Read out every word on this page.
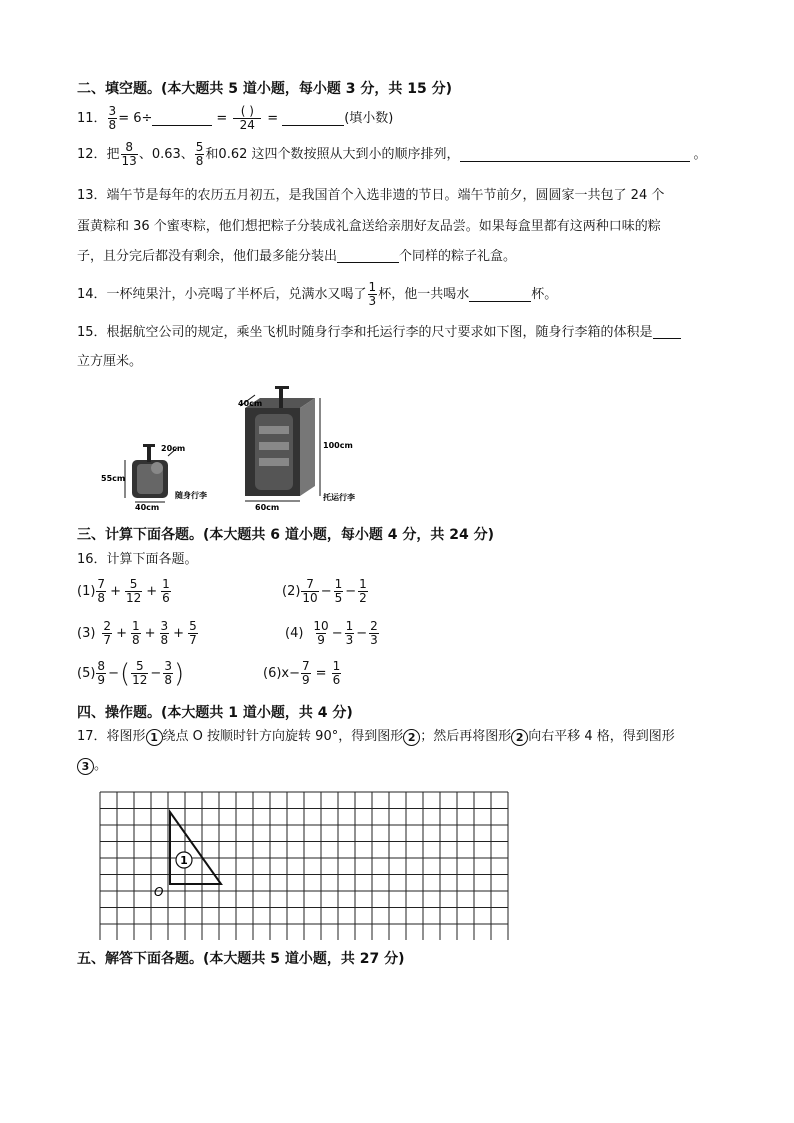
二、填空题。(本大题共 5 道小题，每小题 3 分，共 15 分)
11． $\frac{3}{8} = 6\div$	= $\frac{( )}{24}$ =	(填小数)
12．把 $\frac{8}{13}$ 、0.63、 $\frac{5}{8}$ 和0.62 这四个数按照从大到小的顺序排列，	。
13．端午节是每年的农历五月初五，是我国首个入选非遗的节日。端午节前夕，圆圆家一共包了 24 个
蛋黄粽和 36 个蜜枣粽，他们想把粽子分装成礼盒送给亲朋好友品尝。如果每盒里都有这两种口味的粽
子，且分完后都没有剩余，他们最多能分装出	个同样的粽子礼盒。
14．一杯纯果汁，小亮喝了半杯后，兑满水又喝了 $\frac{1}{3}$ 杯，他一共喝水	杯。
15．根据航空公司的规定，乘坐飞机时随身行李和托运行李的尺寸要求如下图，随身行李箱的体积是
立方厘米。
55cm
20cm
40cm
随身行李
40cm
100cm
60cm
托运行李
三、计算下面各题。(本大题共 6 道小题，每小题 4 分，共 24 分)
16．计算下面各题。
$(1) \frac{7}{8} + \frac{5}{12} + \frac{1}{6}$	$(2) \frac{7}{10} - \frac{1}{5} - \frac{1}{2}$
$(3) \frac{2}{7} + \frac{1}{8} + \frac{3}{8} + \frac{5}{7}$	$(4) \frac{10}{9} - \frac{1}{3} - \frac{2}{3}$
$(5) \frac{8}{9}$ − ( $\frac{5}{12} - \frac{3}{8}$ )	$(6)x- \frac{7}{9} = \frac{1}{6}$
四、操作题。(本大题共 1 道小题，共 4 分)
17．将图形 1 绕点 O 按顺时针方向旋转 90°，得到图形 2 ；然后再将图形 2 向右平移 4 格，得到图形
3 。
1
O
五、解答下面各题。(本大题共 5 道小题，共 27 分)
